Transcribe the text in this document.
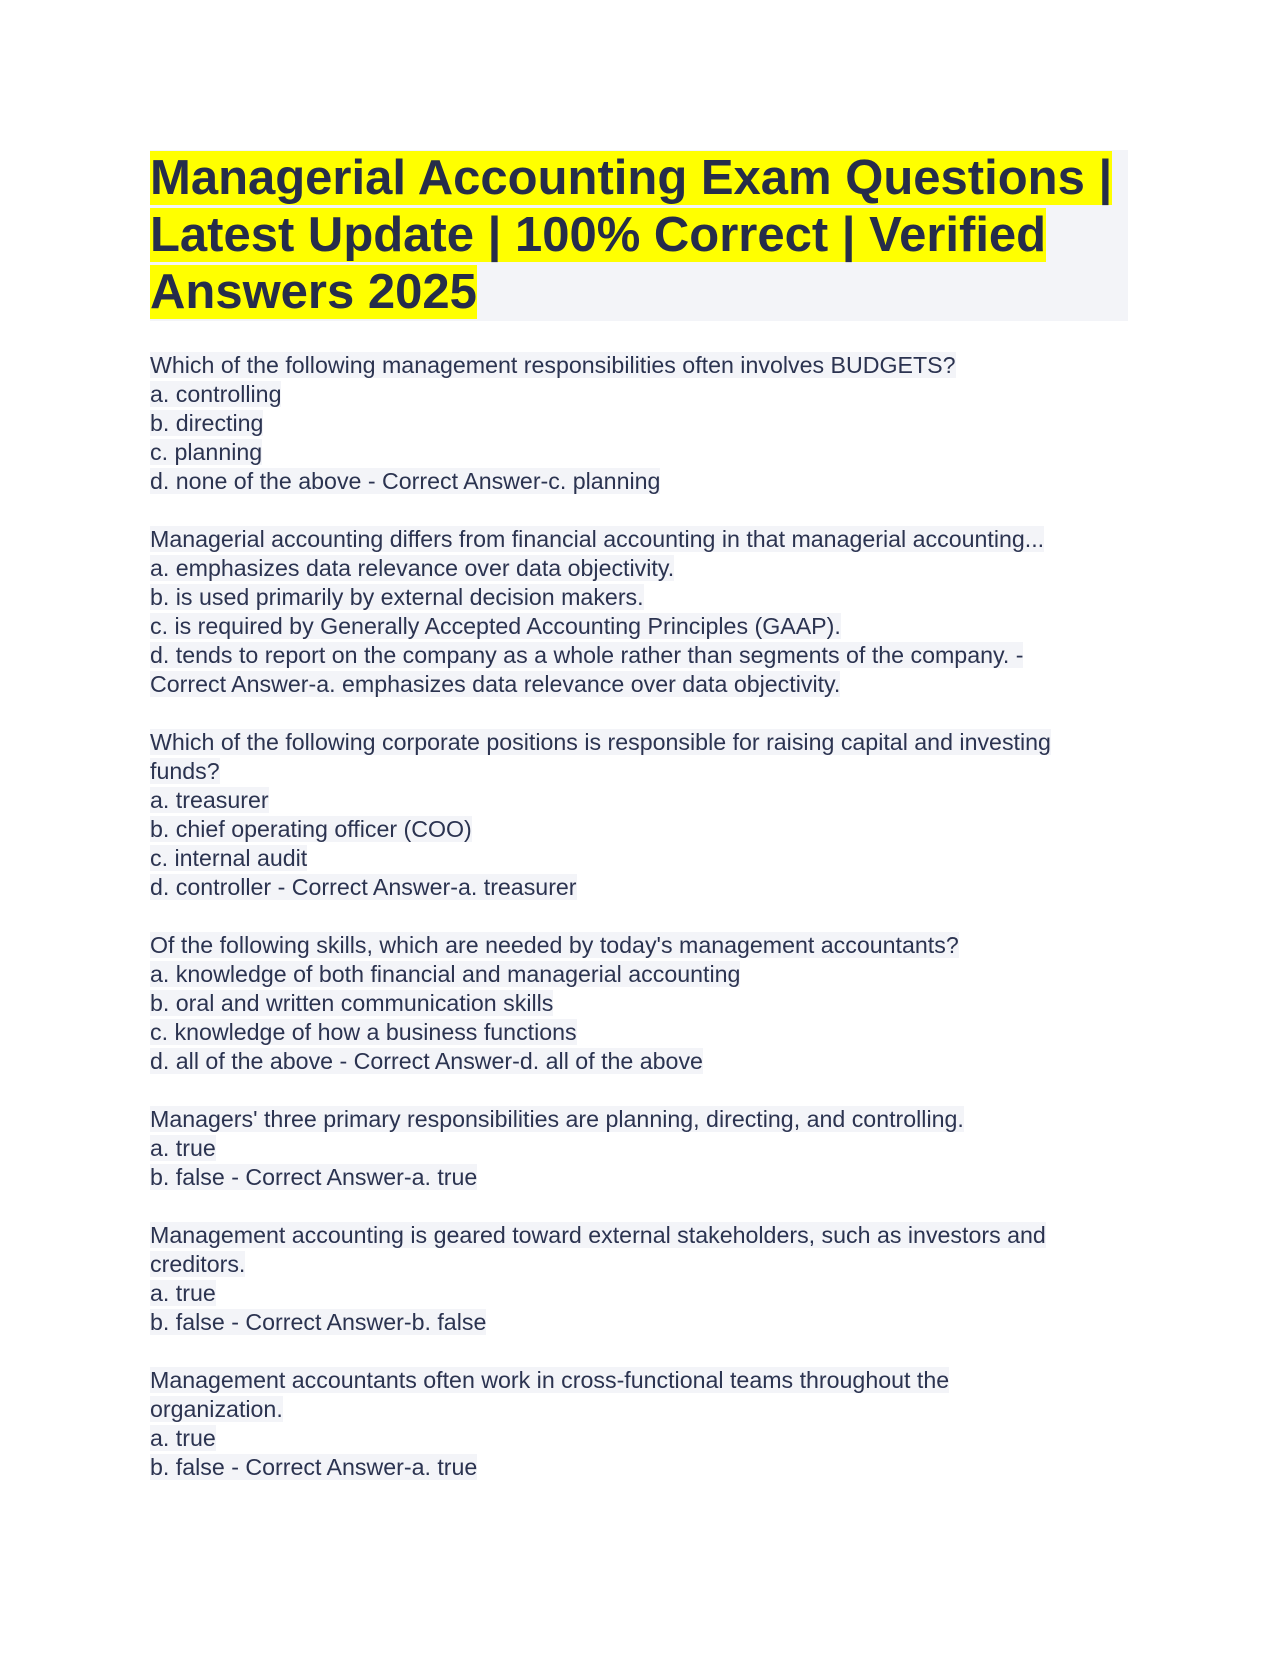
Managerial Accounting Exam Questions | Latest Update | 100% Correct | Verified Answers 2025
Which of the following management responsibilities often involves BUDGETS?
a. controlling
b. directing
c. planning
d. none of the above - Correct Answer-c. planning
Managerial accounting differs from financial accounting in that managerial accounting...
a. emphasizes data relevance over data objectivity.
b. is used primarily by external decision makers.
c. is required by Generally Accepted Accounting Principles (GAAP).
d. tends to report on the company as a whole rather than segments of the company. -
Correct Answer-a. emphasizes data relevance over data objectivity.
Which of the following corporate positions is responsible for raising capital and investing
funds?
a. treasurer
b. chief operating officer (COO)
c. internal audit
d. controller - Correct Answer-a. treasurer
Of the following skills, which are needed by today's management accountants?
a. knowledge of both financial and managerial accounting
b. oral and written communication skills
c. knowledge of how a business functions
d. all of the above - Correct Answer-d. all of the above
Managers' three primary responsibilities are planning, directing, and controlling.
a. true
b. false - Correct Answer-a. true
Management accounting is geared toward external stakeholders, such as investors and
creditors.
a. true
b. false - Correct Answer-b. false
Management accountants often work in cross-functional teams throughout the
organization.
a. true
b. false - Correct Answer-a. true
